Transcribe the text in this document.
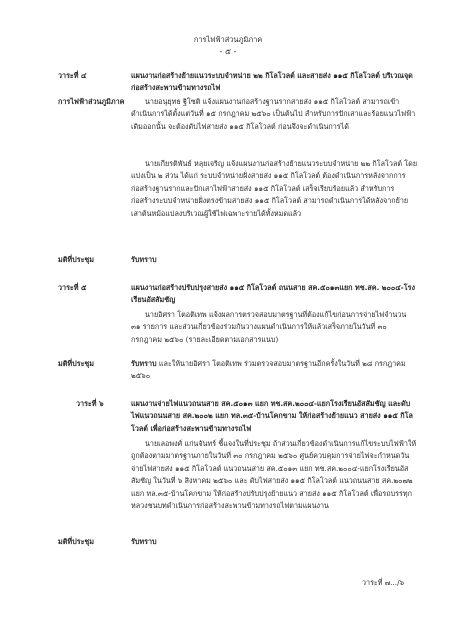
การไฟฟ้าส่วนภูมิภาค
- ๕ -
วาระที่ ๔	แผนงานก่อสร้างย้ายแนวระบบจำหน่าย ๒๒ กิโลโวลต์ และสายส่ง ๑๑๕ กิโลโวลต์ บริเวณจุดก่อสร้างสะพานข้ามทางรถไฟ
การไฟฟ้าส่วนภูมิภาค	นายอนุยุทธ ฐิโซติ แจ้งแผนงานก่อสร้างฐานรากสายส่ง ๑๑๕ กิโลโวลต์ สามารถเข้าดำเนินการได้ตั้งแต่วันที่ ๑๕ กรกฎาคม ๒๕๖๐ เป็นต้นไป สำหรับการปักเสาและร้อยแนวไฟฟ้าเดิมออกนั้น จะต้องดับไฟสายส่ง ๑๑๕ กิโลโวลต์ ก่อนจึงจะดำเนินการได้
นายเกียรติพันธ์ หลุยเจริญ แจ้งแผนงานก่อสร้างย้ายแนวระบบจำหน่าย ๒๒ กิโลโวลต์ โดยแบ่งเป็น ๒ ส่วน ได้แก่ ระบบจำหน่ายฝั่งสายส่ง ๑๑๕ กิโลโวลต์ ต้องดำเนินการหลังจากการก่อสร้างฐานรากและปักเสาไฟฟ้าสายส่ง ๑๑๕ กิโลโวลต์ เสร็จเรียบร้อยแล้ว สำหรับการก่อสร้างระบบจำหน่ายฝั่งตรงข้ามสายส่ง ๑๑๕ กิโลโวลต์ สามารถดำเนินการได้หลังจากย้ายเสาต้นหม้อแปลงบริเวณผู้ใช้ไฟเฉพาะรายได้ทั้งหมดแล้ว
มติที่ประชุม	รับทราบ
วาระที่ ๕	แผนงานก่อสร้างปรับปรุงสายส่ง ๑๑๕ กิโลโวลต์ ถนนสาย สค.๕๐๑๓แยก ทช.สค. ๒๐๐๔-โรงเรียนอัสสัมชัญ
นายอิศรา โตอติเทพ แจ้งผลการตรวจสอบมาตรฐานที่ต้องแก้ไขก่อนการจ่ายไฟจำนวน ๓๑ รายการ และส่วนเกี่ยวข้องร่วมกันวางแผนดำเนินการให้แล้วเสร็จภายในวันที่ ๓๐ กรกฎาคม ๒๕๖๐ (รายละเอียดตามเอกสารแนบ)
มติที่ประชุม	รับทราบ และให้นายอิศรา โตอติเทพ ร่วมตรวจสอบมาตรฐานอีกครั้งในวันที่ ๒๘ กรกฎาคม ๒๕๖๐
วาระที่ ๖	แผนงานจ่ายไฟแนวถนนสาย สค.๕๐๑๓ แยก ทช.สค.๒๐๐๔-แยกโรงเรียนอัสสัมชัญ และดับไฟแนวถนนสาย สค.๒๐๐๒ แยก ทล.๓๕-บ้านโคกขาม ให้ก่อสร้างย้ายแนว สายส่ง ๑๑๕ กิโลโวลต์ เพื่อก่อสร้างสะพานข้ามทางรถไฟ
นายเลอพงศ์ แก่นจันทร์ ชี้แจงในที่ประชุม ถ้าส่วนเกี่ยวข้องดำเนินการแก้ไขระบบไฟฟ้าให้ถูกต้องตามมาตรฐานภายในวันที่ ๓๐ กรกฎาคม ๒๕๖๐ ศูนย์ควบคุมการจ่ายไฟจะกำหนดวันจ่ายไฟสายส่ง ๑๑๕ กิโลโวลต์ แนวถนนสาย สค.๕๐๑๓ แยก ทช.สค.๒๐๐๔-แยกโรงเรียนอัสสัมชัญ ในวันที่ ๖ สิงหาคม ๒๕๖๐ และ ดับไฟสายส่ง ๑๑๕ กิโลโวลต์ แนวถนนสาย สค.๒๐๗๒ แยก ทล.๓๕-บ้านโคกขาม ให้ก่อสร้างปรับปรุงย้ายแนว สายส่ง ๑๑๕ กิโลโวลต์ เพื่อรถบรรทุกหลวงชนบทดำเนินการก่อสร้างสะพานข้ามทางรถไฟตามแผนงาน
มติที่ประชุม	รับทราบ
วาระที่ ๗.../๖
